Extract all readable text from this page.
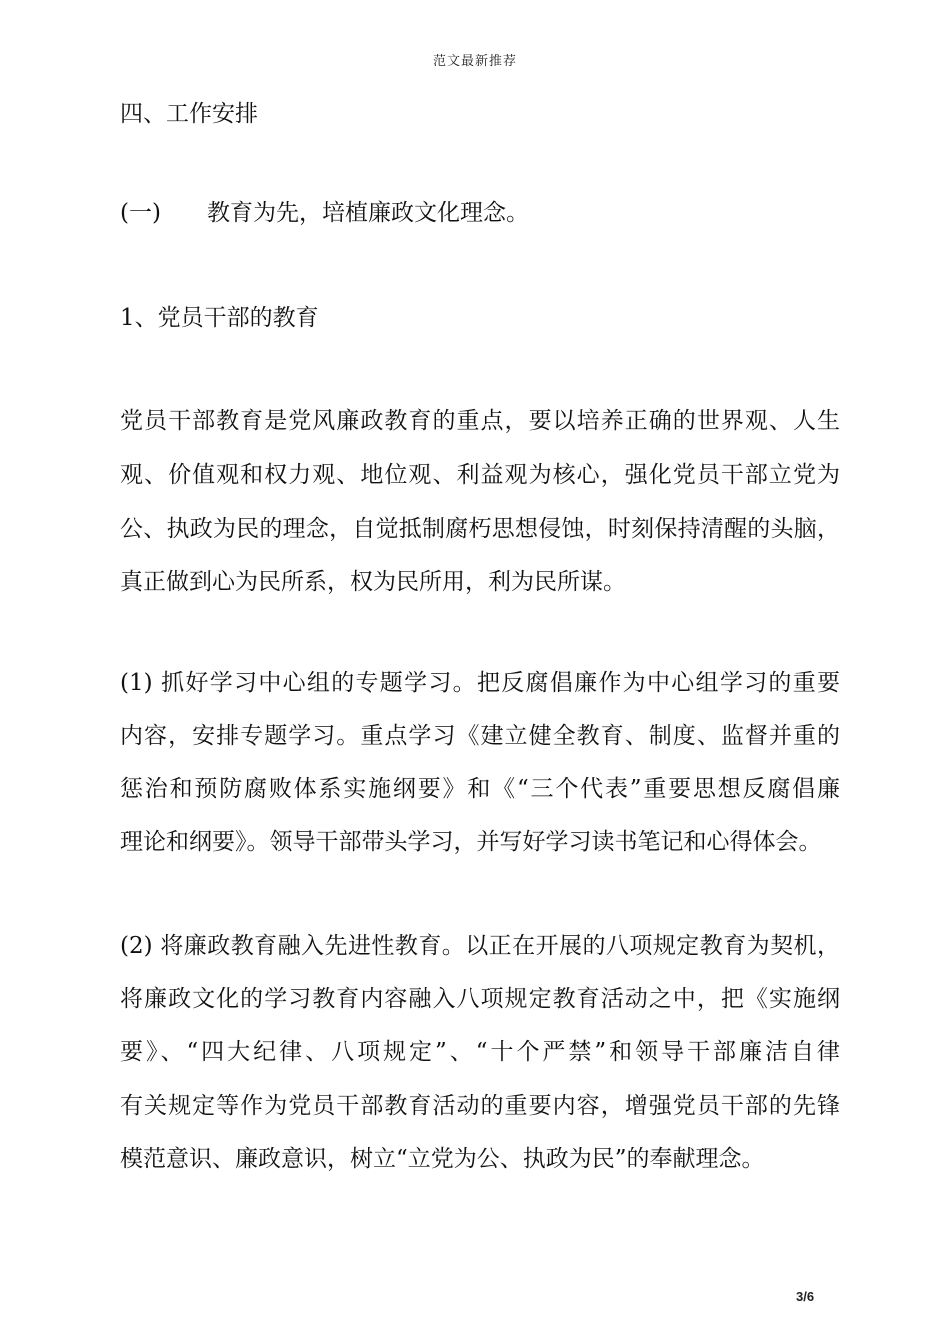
范文最新推荐
四、工作安排
(一)　　教育为先，培植廉政文化理念。
1、党员干部的教育
党员干部教育是党风廉政教育的重点，要以培养正确的世界观、人生
观、价值观和权力观、地位观、利益观为核心，强化党员干部立党为
公、执政为民的理念，自觉抵制腐朽思想侵蚀，时刻保持清醒的头脑，
真正做到心为民所系，权为民所用，利为民所谋。
(1) 抓好学习中心组的专题学习。把反腐倡廉作为中心组学习的重要
内容，安排专题学习。重点学习《建立健全教育、制度、监督并重的
惩治和预防腐败体系实施纲要》和《“三个代表”重要思想反腐倡廉
理论和纲要》。领导干部带头学习，并写好学习读书笔记和心得体会。
(2) 将廉政教育融入先进性教育。以正在开展的八项规定教育为契机，
将廉政文化的学习教育内容融入八项规定教育活动之中，把《实施纲
要》、“四大纪律、八项规定”、“十个严禁”和领导干部廉洁自律
有关规定等作为党员干部教育活动的重要内容，增强党员干部的先锋
模范意识、廉政意识，树立“立党为公、执政为民”的奉献理念。
3/6
